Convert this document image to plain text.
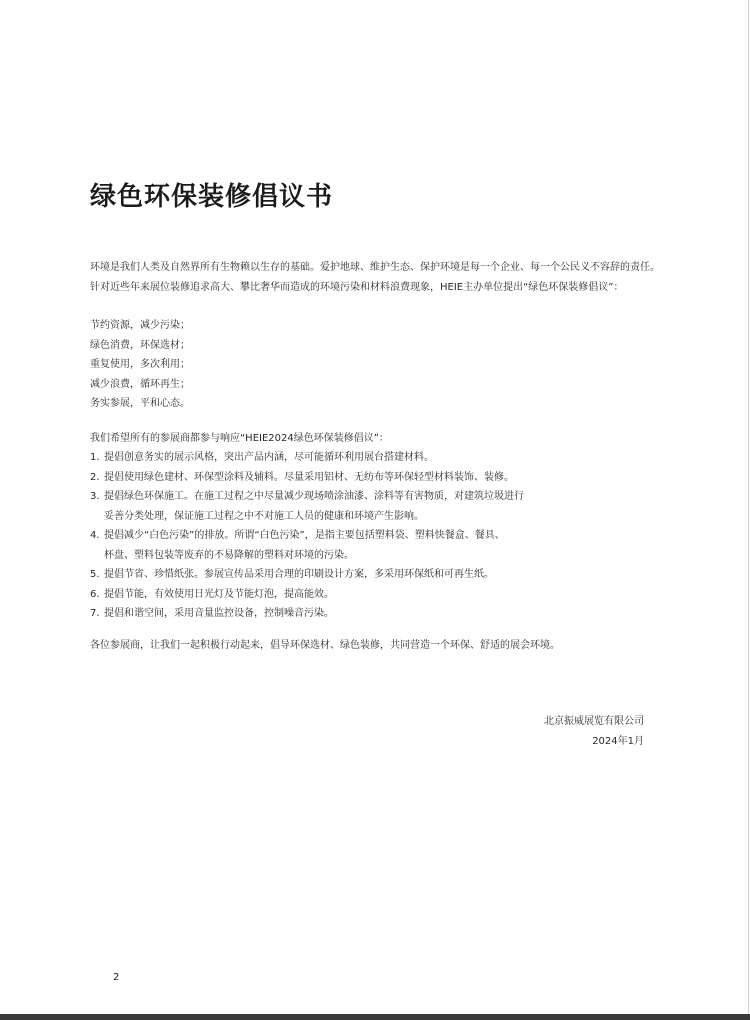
绿色环保装修倡议书

环境是我们人类及自然界所有生物赖以生存的基础。爱护地球、维护生态、保护环境是每一个企业、每一个公民义不容辞的责任。针对近些年来展位装修追求高大、攀比奢华而造成的环境污染和材料浪费现象，HEIE主办单位提出“绿色环保装修倡议”：

节约资源，减少污染；
绿色消费，环保选材；
重复使用，多次利用；
减少浪费，循环再生；
务实参展，平和心态。

我们希望所有的参展商都参与响应“HEIE2024绿色环保装修倡议”：

1. 提倡创意务实的展示风格，突出产品内涵，尽可能循环利用展台搭建材料。
2. 提倡使用绿色建材、环保型涂料及辅料。尽量采用铝材、无纺布等环保轻型材料装饰、装修。
3. 提倡绿色环保施工。在施工过程之中尽量减少现场喷涂油漆、涂料等有害物质，对建筑垃圾进行
妥善分类处理，保证施工过程之中不对施工人员的健康和环境产生影响。
4. 提倡减少“白色污染”的排放。所谓“白色污染”，是指主要包括塑料袋、塑料快餐盒、餐具、
杯盘、塑料包装等废弃的不易降解的塑料对环境的污染。
5. 提倡节省、珍惜纸张。参展宣传品采用合理的印刷设计方案，多采用环保纸和可再生纸。
6. 提倡节能，有效使用日光灯及节能灯泡，提高能效。
7. 提倡和谐空间，采用音量监控设备，控制噪音污染。

各位参展商，让我们一起积极行动起来，倡导环保选材、绿色装修，共同营造一个环保、舒适的展会环境。

北京振威展览有限公司
2024年1月
2
